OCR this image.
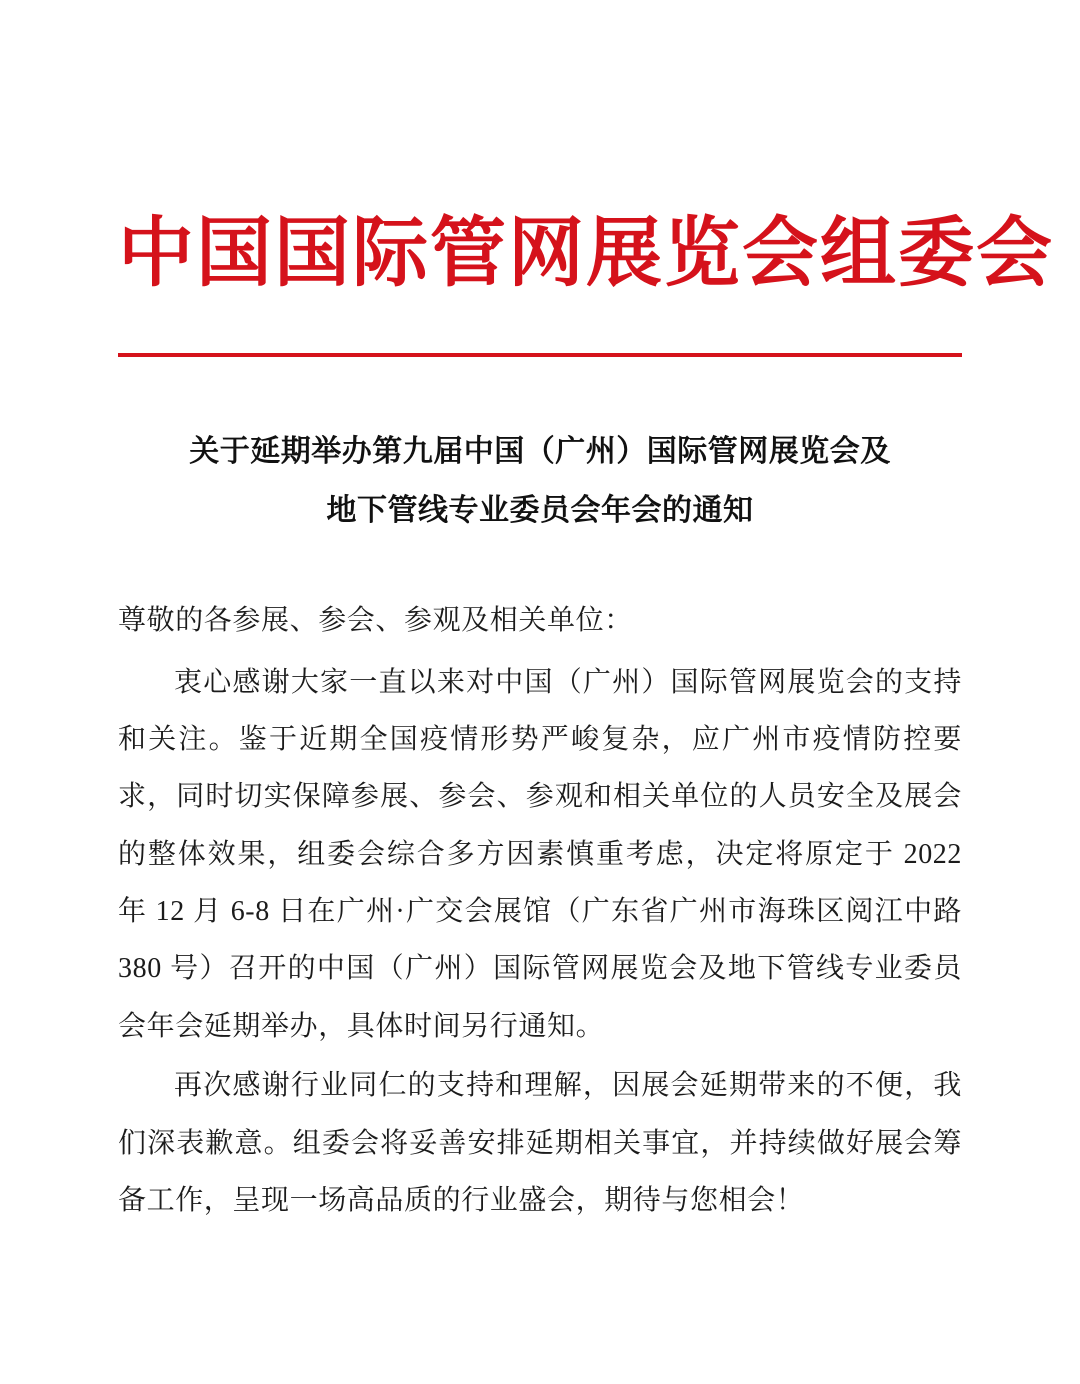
中国国际管网展览会组委会
关于延期举办第九届中国（广州）国际管网展览会及
地下管线专业委员会年会的通知

尊敬的各参展、参会、参观及相关单位：

衷心感谢大家一直以来对中国（广州）国际管网展览会的支持和关注。鉴于近期全国疫情形势严峻复杂，应广州市疫情防控要求，同时切实保障参展、参会、参观和相关单位的人员安全及展会的整体效果，组委会综合多方因素慎重考虑，决定将原定于 2022 年 12 月 6-8 日在广州·广交会展馆（广东省广州市海珠区阅江中路 380 号）召开的中国（广州）国际管网展览会及地下管线专业委员会年会延期举办，具体时间另行通知。

再次感谢行业同仁的支持和理解，因展会延期带来的不便，我们深表歉意。组委会将妥善安排延期相关事宜，并持续做好展会筹备工作，呈现一场高品质的行业盛会，期待与您相会！
